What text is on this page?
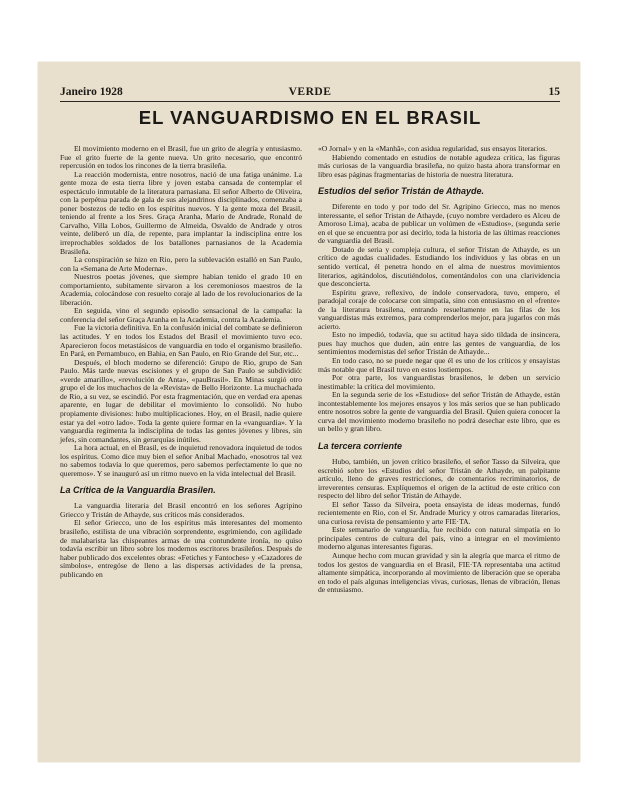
Janeiro 1928	VERDE	15
EL VANGUARDISMO EN EL BRASIL

El movimiento moderno en el Brasil, fue un grito de alegría y entusiasmo. Fue el grito fuerte de la gente nueva. Un grito necesario, que encontró repercusión en todos los rincones de la tierra brasileña.

La reacción modernista, entre nosotros, nació de una fatiga unánime. La gente moza de esta tierra libre y joven estaba cansada de contemplar el espectáculo inmutable de la literatura parnasiana. El señor Alberto de Oliveira, con la perpétua parada de gala de sus alejandrinos disciplinados, comenzaba a poner bostezos de tedio en los espíritus nuevos. Y la gente moza del Brasil, teniendo al frente a los Sres. Graça Aranha, Mario de Andrade, Ronald de Carvalho, Villa Lobos, Guillermo de Almeida, Osvaldo de Andrade y otros veinte, deliberó un día, de repente, para implantar la indisciplina entre los irreprochables soldados de los batallones parnasianos de la Academia Brasileña.

La conspiración se hizo en Rio, pero la sublevación estalló en San Paulo, con la «Semana de Arte Moderna».

Nuestros poetas jóvenes, que siempre habian tenido el grado 10 en comportamiento, subitamente sirvaron a los ceremoniosos maestros de la Academia, colocándose con resuelto coraje al lado de los revolucionarios de la liberación.

En seguida, vino el segundo episodio sensacional de la campaña: la conferencia del señor Graça Aranha en la Academia, contra la Academia.

Fue la victoria definitiva. En la confusión inicial del combate se definieron las actitudes. Y en todos los Estados del Brasil el movimiento tuvo eco. Aparecieron focos metastásicos de vanguardia en todo el organismo brasileño. En Pará, en Pernambuco, en Bahia, en San Paulo, en Rio Grande del Sur, etc...

Después, el bloch moderno se diferenció: Grupo de Rio, grupo de San Paulo. Más tarde nuevas escisiones y el grupo de San Paulo se subdividió: «verde amarillo», «revolución de Anta», «pauBrasil». En Minas surgió otro grupo el de los muchachos de la «Revista» de Bello Horizonte. La muchachada de Rio, a su vez, se escindió. Por esta fragmentación, que en verdad era apenas aparente, en lugar de debilitar el movimiento lo consolidó. No hubo propiamente divisiones: hubo multiplicaciones. Hoy, en el Brasil, nadie quiere estar ya del «otro lado». Toda la gente quiere formar en la «vanguardia». Y la vanguardia regimenta la indisciplina de todas las gentes jóvenes y libres, sin jefes, sin comandantes, sin gerarquías inútiles.

La hora actual, en el Brasil, es de inquietud renovadora inquietud de todos los espíritus. Como dice muy bien el señor Anibal Machado, «nosotros tal vez no sabemos todavía lo que queremos, pero sabemos perfectamente lo que no queremos». Y se inauguró así un ritmo nuevo en la vida intelectual del Brasil.

La Crítica de la Vanguardia Brasilen.

La vanguardia literaria del Brasil encontró en los señores Agripino Griecco y Tristán de Athayde, sus críticos más considerados.

El señor Griecco, uno de los espíritus más interesantes del momento brasileño, estilista de una vibración sorprendente, esgrimiendo, con agilidade de malabarista las chispeantes armas de una contundente ironía, no quiso todavía escribir un libro sobre los modernos escritores brasileños. Después de haber publicado dos excelentes obras: «Fetiches y Fantoches» y «Cazadores de símbolos», entregóse de lleno a las dispersas actividades de la prensa, publicando en

«O Jornal» y en la «Manhã», con asidua regularidad, sus ensayos literarios.

Habiendo comentado en estudios de notable agudeza crítica, las figuras más curiosas de la vanguardia brasileña, no quizo hasta ahora transformar en libro esas páginas fragmentarias de historia de nuestra literatura.

Estudios del señor Tristán de Athayde.

Diferente en todo y por todo del Sr. Agripino Griecco, mas no menos interessante, el señor Tristan de Athayde, (cuyo nombre verdadero es Alceu de Amoroso Lima), acaba de publicar un volúmen de «Estudios», (segunda serie en el que se encuentra por asi decirlo, toda la historia de las últimas reacciones de vanguardia del Brasil.

Dotado de seria y compleja cultura, el señor Tristan de Athayde, es un crítico de agudas cualidades. Estudiando los individuos y las obras en un sentido vertical, él penetra hondo en el alma de nuestros movimientos literarios, agitándolos, discutiéndolos, comentándolos con una clarividencia que desconcierta.

Espíritu grave, reflexivo, de índole conservadora, tuvo, empero, el paradojal coraje de colocarse con simpatía, sino con entusiasmo en el «frente» de la literatura brasilena, entrando resueltamente en las filas de los vanguardistas más extremos, para comprenderlos mejor, para jugarlos con más acierto.

Esto no impedió, todavía, que su actitud haya sido tildada de insincera, pues hay muchos que duden, aún entre las gentes de vanguardia, de los sentimientos modernistas del señor Tristán de Athayde...

En todo caso, no se puede negar que él es uno de los críticos y ensayistas más notable que el Brasil tuvo en estos lostiempos.

Por otra parte, los vanguardistas brasilenos, le deben un servicio inestimable: la crítica del movimiento.

En la segunda serie de los «Estudios» del señor Tristán de Athayde, están incontestablemente los mejores ensayos y los más serios que se han publicado entre nosotros sobre la gente de vanguardia del Brasil. Quien quiera conocer la curva del movimiento moderno brasileño no podrá desechar este libro, que es un bello y gran libro.

La tercera corriente

Hubo, también, un joven crítico brasileño, el señor Tasso da Silveira, que escrebió sobre los «Estudios del señor Tristán de Athayde, un palpitante artículo, lleno de graves restricciones, de comentarios recriminatorios, de irreverentes censuras. Explíquemos el origen de la actitud de este crítico con respecto del libro del señor Tristán de Athayde.

El señor Tasso da Silveira, poeta ensayista de ideas modernas, fundó recientemente en Rio, con el Sr. Andrade Muricy y otros camaradas literarios, una curiosa revista de pensamiento y arte FIE·TA.

Este semanario de vanguardia, fue recibido con natural simpatía en lo principales centros de cultura del país, vino a integrar en el movimiento moderno algunas interesantes figuras.

Aunque hecho com mucan gravidad y sin la alegría que marca el ritmo de todos los gestos de vanguardia en el Brasil, FIE·TA representaba una actitud altamente simpática, incorporando al movimiento de liberación que se operaba en todo el país algunas inteligencias vivas, curiosas, llenas de vibración, llenas de entusiasmo.
